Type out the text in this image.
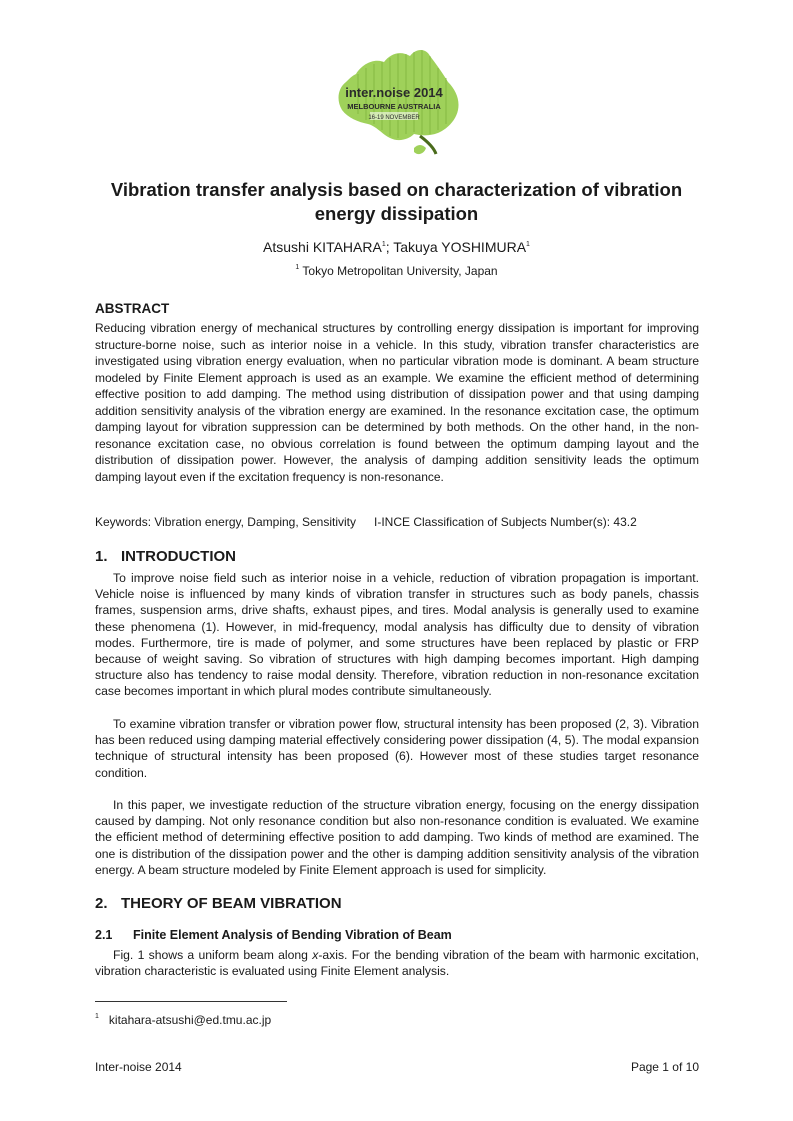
inter.noise 2014
MELBOURNE AUSTRALIA
16-19 NOVEMBER
Vibration transfer analysis based on characterization of vibration energy dissipation
Atsushi KITAHARA$^1$; Takuya YOSHIMURA$^1$
$^1$ Tokyo Metropolitan University, Japan
ABSTRACT

Reducing vibration energy of mechanical structures by controlling energy dissipation is important for improving structure-borne noise, such as interior noise in a vehicle. In this study, vibration transfer characteristics are investigated using vibration energy evaluation, when no particular vibration mode is dominant. A beam structure modeled by Finite Element approach is used as an example. We examine the efficient method of determining effective position to add damping. The method using distribution of dissipation power and that using damping addition sensitivity analysis of the vibration energy are examined. In the resonance excitation case, the optimum damping layout for vibration suppression can be determined by both methods. On the other hand, in the non-resonance excitation case, no obvious correlation is found between the optimum damping layout and the distribution of dissipation power. However, the analysis of damping addition sensitivity leads the optimum damping layout even if the excitation frequency is non-resonance.

Keywords: Vibration energy, Damping, Sensitivity I-INCE Classification of Subjects Number(s): 43.2
1. INTRODUCTION

To improve noise field such as interior noise in a vehicle, reduction of vibration propagation is important. Vehicle noise is influenced by many kinds of vibration transfer in structures such as body panels, chassis frames, suspension arms, drive shafts, exhaust pipes, and tires. Modal analysis is generally used to examine these phenomena (1). However, in mid-frequency, modal analysis has difficulty due to density of vibration modes. Furthermore, tire is made of polymer, and some structures have been replaced by plastic or FRP because of weight saving. So vibration of structures with high damping becomes important. High damping structure also has tendency to raise modal density. Therefore, vibration reduction in non-resonance excitation case becomes important in which plural modes contribute simultaneously.

To examine vibration transfer or vibration power flow, structural intensity has been proposed (2, 3). Vibration has been reduced using damping material effectively considering power dissipation (4, 5). The modal expansion technique of structural intensity has been proposed (6). However most of these studies target resonance condition.

In this paper, we investigate reduction of the structure vibration energy, focusing on the energy dissipation caused by damping. Not only resonance condition but also non-resonance condition is evaluated. We examine the efficient method of determining effective position to add damping. Two kinds of method are examined. The one is distribution of the dissipation power and the other is damping addition sensitivity analysis of the vibration energy. A beam structure modeled by Finite Element approach is used for simplicity.

2. THEORY OF BEAM VIBRATION
2.1 Finite Element Analysis of Bending Vibration of Beam

Fig. 1 shows a uniform beam along x-axis. For the bending vibration of the beam with harmonic excitation, vibration characteristic is evaluated using Finite Element analysis.

$^1$ kitahara-atsushi@ed.tmu.ac.jp
Inter-noise 2014	Page 1 of 10
